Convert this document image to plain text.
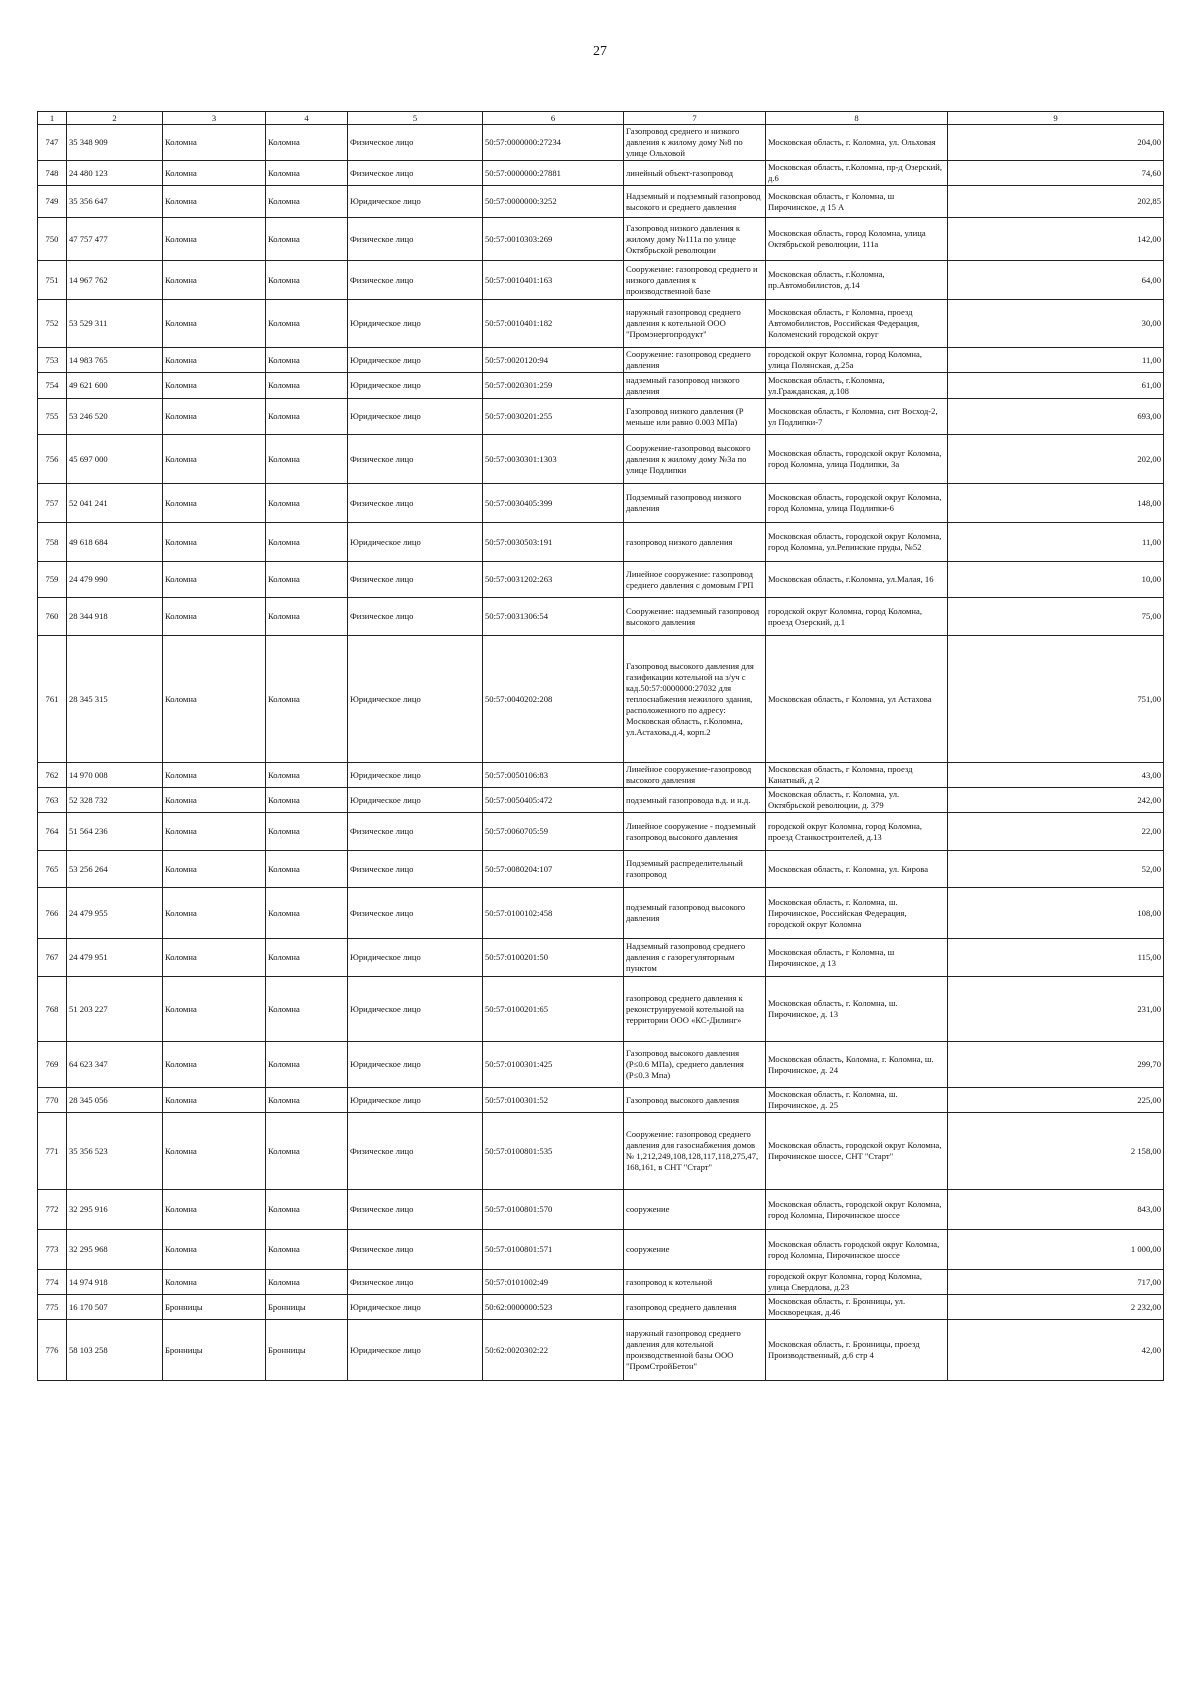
27
1	2	3	4	5	6	7	8	9
747	35 348 909	Коломна	Коломна	Физическое лицо	50:57:0000000:27234	Газопровод среднего и низкого давления к жилому дому №8 по улице Ольховой	Московская область, г. Коломна, ул. Ольховая	204,00
748	24 480 123	Коломна	Коломна	Физическое лицо	50:57:0000000:27881	линейный объект-газопровод	Московская область, г.Коломна, пр-д Озерский, д.6	74,60
749	35 356 647	Коломна	Коломна	Юридическое лицо	50:57:0000000:3252	Надземный и подземный газопровод высокого и среднего давления	Московская область, г Коломна, ш Пирочинское, д 15 А	202,85
750	47 757 477	Коломна	Коломна	Физическое лицо	50:57:0010303:269	Газопровод низкого давления к жилому дому №111а по улице Октябрьской революции	Московская область, город Коломна, улица Октябрьской революции, 111а	142,00
751	14 967 762	Коломна	Коломна	Физическое лицо	50:57:0010401:163	Сооружение: газопровод среднего и низкого давления к производственной базе	Московская область, г.Коломна, пр.Автомобилистов, д.14	64,00
752	53 529 311	Коломна	Коломна	Юридическое лицо	50:57:0010401:182	наружный газопровод среднего давления к котельной ООО "Промэнергопродукт"	Московская область, г Коломна, проезд Автомобилистов, Российская Федерация, Коломенский городской округ	30,00
753	14 983 765	Коломна	Коломна	Юридическое лицо	50:57:0020120:94	Сооружение: газопровод среднего давления	городской округ Коломна, город Коломна, улица Полянская, д.25а	11,00
754	49 621 600	Коломна	Коломна	Юридическое лицо	50:57:0020301:259	надземный газопровод низкого давления	Московская область, г.Коломна, ул.Гражданская, д.108	61,00
755	53 246 520	Коломна	Коломна	Юридическое лицо	50:57:0030201:255	Газопровод низкого давления (Р меньше или равно 0.003 МПа)	Московская область, г Коломна, снт Восход-2, ул Подлипки-7	693,00
756	45 697 000	Коломна	Коломна	Физическое лицо	50:57:0030301:1303	Сооружение-газопровод высокого давления к жилому дому №3а по улице Подлипки	Московская область, городской округ Коломна, город Коломна, улица Подлипки, 3а	202,00
757	52 041 241	Коломна	Коломна	Физическое лицо	50:57:0030405:399	Подземный газопровод низкого давления	Московская область, городской округ Коломна, город Коломна, улица Подлипки-6	148,00
758	49 618 684	Коломна	Коломна	Юридическое лицо	50:57:0030503:191	газопровод низкого давления	Московская область, городской округ Коломна, город Коломна, ул.Репинские пруды, №52	11,00
759	24 479 990	Коломна	Коломна	Физическое лицо	50:57:0031202:263	Линейное сооружение: газопровод среднего давления с домовым ГРП	Московская область, г.Коломна, ул.Малая, 16	10,00
760	28 344 918	Коломна	Коломна	Физическое лицо	50:57:0031306:54	Сооружение: надземный газопровод высокого давления	городской округ Коломна, город Коломна, проезд Озерский, д.1	75,00
761	28 345 315	Коломна	Коломна	Юридическое лицо	50:57:0040202:208	Газопровод высокого давления для газификации котельной на з/уч с кад.50:57:0000000:27032 для теплоснабжения нежилого здания, расположенного по адресу: Московская область, г.Коломна, ул.Астахова,д.4, корп.2	Московская область, г Коломна, ул Астахова	751,00
762	14 970 008	Коломна	Коломна	Юридическое лицо	50:57:0050106:83	Линейное сооружение-газопровод высокого давления	Московская область, г Коломна, проезд Канатный, д 2	43,00
763	52 328 732	Коломна	Коломна	Юридическое лицо	50:57:0050405:472	подземный газопровода в.д. и н.д.	Московская область, г. Коломна, ул. Октябрьской революции, д. 379	242,00
764	51 564 236	Коломна	Коломна	Физическое лицо	50:57:0060705:59	Линейное сооружение - подземный газопровод высокого давления	городской округ Коломна, город Коломна, проезд Станкостроителей, д.13	22,00
765	53 256 264	Коломна	Коломна	Физическое лицо	50:57:0080204:107	Подземный распределительный газопровод	Московская область, г. Коломна, ул. Кирова	52,00
766	24 479 955	Коломна	Коломна	Физическое лицо	50:57:0100102:458	подземный газопровод высокого давления	Московская область, г. Коломна, ш. Пирочинское, Российская Федерация, городской округ Коломна	108,00
767	24 479 951	Коломна	Коломна	Юридическое лицо	50:57:0100201:50	Надземный газопровод среднего давления с газорегуляторным пунктом	Московская область, г Коломна, ш Пирочинское, д 13	115,00
768	51 203 227	Коломна	Коломна	Юридическое лицо	50:57:0100201:65	газопровод среднего давления к реконструируемой котельной на территории ООО «КС-Дилинг»	Московская область, г. Коломна, ш. Пирочинское, д. 13	231,00
769	64 623 347	Коломна	Коломна	Юридическое лицо	50:57:0100301:425	Газопровод высокого давления (Р≤0.6 МПа), среднего давления (Р≤0.3 Мпа)	Московская область, Коломна, г. Коломна, ш. Пирочинское, д. 24	299,70
770	28 345 056	Коломна	Коломна	Юридическое лицо	50:57:0100301:52	Газопровод высокого давления	Московская область, г. Коломна, ш. Пирочинское, д. 25	225,00
771	35 356 523	Коломна	Коломна	Физическое лицо	50:57:0100801:535	Сооружение: газопровод среднего давления для газоснабжения домов № 1,212,249,108,128,117,118,275,47, 168,161, в СНТ "Старт"	Московская область, городской округ Коломна, Пирочинское шоссе, СНТ "Старт"	2 158,00
772	32 295 916	Коломна	Коломна	Физическое лицо	50:57:0100801:570	сооружение	Московская область, городской округ Коломна, город Коломна, Пирочинское шоссе	843,00
773	32 295 968	Коломна	Коломна	Физическое лицо	50:57:0100801:571	сооружение	Московская область городской округ Коломна, город Коломна, Пирочинское шоссе	1 000,00
774	14 974 918	Коломна	Коломна	Физическое лицо	50:57:0101002:49	газопровод к котельной	городской округ Коломна, город Коломна, улица Свердлова, д.23	717,00
775	16 170 507	Бронницы	Бронницы	Юридическое лицо	50:62:0000000:523	газопровод среднего давления	Московская область, г. Бронницы, ул. Москворецкая, д.46	2 232,00
776	58 103 258	Бронницы	Бронницы	Юридическое лицо	50:62:0020302:22	наружный газопровод среднего давления для котельной производственной базы ООО "ПромСтройБетон"	Московская область, г. Бронницы, проезд Производственный, д.6 стр 4	42,00
